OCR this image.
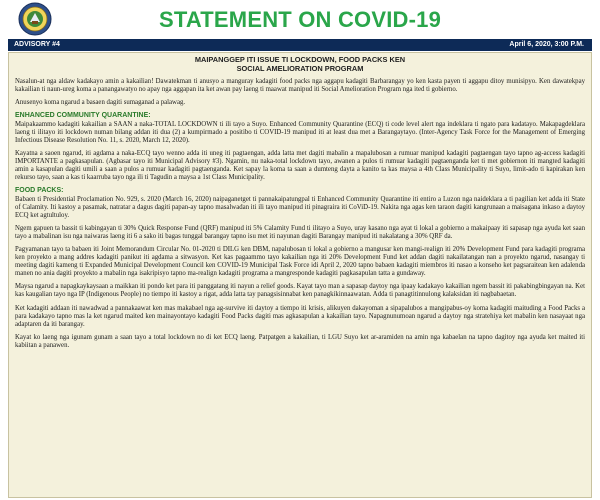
STATEMENT ON COVID-19
ADVISORY #4	April 6, 2020, 3:00 P.M.
MAIPANGGEP ITI ISSUE TI LOCKDOWN, FOOD PACKS KEN
SOCIAL AMELIORATION PROGRAM

Nasalun-at nga aldaw kadakayo amin a kakailian! Dawatekman ti anusyo a manguray kadagiti food packs nga aggapu kadagiti Barbarangay yo ken kasta payen ti aggapu ditoy munisipyo. Ken dawatekpay kakailian ti naun-ureg koma a panangawatyo no apay nga aggapan ita ket awan pay laeng ti maawat manipud iti Social Amelioration Program nga ited ti gobierno.

Anusenyo koma ngarud a basaen dagiti sumaganad a palawag.

ENHANCED COMMUNITY QUARANTINE:

Maipakaammo kadagiti kakailian a SAAN a naka-TOTAL LOCKDOWN ti ili tayo a Suyo. Enhanced Community Quarantine (ECQ) ti code level alert nga indeklara ti ngato para kadatayo. Makapagdeklara laeng ti ilitayo iti lockdown numan bilang addan iti dua (2) a kumpirmado a positibo ti COVID-19 manipud iti at least dua met a Barangaytayo. (Inter-Agency Task Force for the Management of Emerging Infectious Disease Resolution No. 11, s. 2020, March 12, 2020).

Kayatna a saoen ngarud, iti agdama a naka-ECQ tayo wenno adda iti uneg iti pagtaengan, adda latta met dagiti mabalin a mapalubosan a rumuar manipud kadagiti pagtaengan tayo tapno ag-access kadagiti IMPORTANTE a pagkasapulan. (Agbasar tayo iti Municipal Advisory #3). Ngamin, nu naka-total lockdown tayo, awanen a pulos ti rumuar kadagiti pagtaenganda ket ti met gobiernon iti mangted kadagiti amin a kasapulan dagiti umili a saan a pulos a rumuar kadagiti pagtaenganda. Ket sapay la koma ta saan a dumteng dayta a kanito ta kas maysa a 4th Class Municipality ti Suyo, limit-ado ti kapirakan ken rekurso tayo, saan a kas ti kaarruba tayo nga ili ti Tagudin a maysa a 1st Class Municipality.

FOOD PACKS:

Babaen ti Presidential Proclamation No. 929, s. 2020 (March 16, 2020) naipaganetget ti pannakaipatungpal ti Enhanced Community Quarantine iti entiro a Luzon nga naideklara a ti pagilian ket adda iti State of Calamity. Iti kastoy a pasamak, natratar a dagus dagiti papan-ay tapno masalwadan iti ili tayo manipud iti pinagraira iti CoViD-19. Nakita nga agas ken taraon dagiti kangrunaan a maisagana inkaso a daytoy ECQ ket agtultuloy.

Ngem gapuen ta bassit ti kabingayan ti 30% Quick Response Fund (QRF) manipud iti 5% Calamity Fund ti ilitayo a Suyo, uray kasano nga ayat ti lokal a gobierno a makaipaay iti sapasap nga ayuda ket saan tayo a mabalinan isu nga naiwaras laeng iti 6 a sako iti bagas tunggal barangay tapno isu met iti nayunan dagiti Barangay manipud iti nakalatang a 30% QRF da.

Pagyamanan tayo ta babaen iti Joint Memorandum Circular No. 01-2020 ti DILG ken DBM, napalubosan ti lokal a gobierno a mangusar ken mangi-realign iti 20% Development Fund para kadagiti programa ken proyekto a mang addres kadagiti panikut iti agdama a sitwasyon. Ket kas pagaammo tayo kakailian nga iti 20% Development Fund ket addan dagiti nakailatangan nan a proyekto ngarud, nasangay ti meeting dagiti kameng ti Expanded Municipal Development Council ken COVID-19 Municipal Task Force idi April 2, 2020 tapno babaen kadagiti miembros iti nasao a konseho ket pagsaraitean ken adalenda manen no ania dagiti proyekto a mabalin nga isakripisyo tapno ma-realign kadagiti programa a mangresponde kadagiti pagkasapulan tatta a gundaway.

Maysa ngarud a napagkaykaysaan a maikkan iti pondo ket para iti panggatang iti nayun a relief goods. Kayat tayo man a sapasap daytoy nga ipaay kadakayo kakailian ngem bassit iti pakabingbingayan na. Ket kas kaugalian tayo nga IP (Indigenous People) no tiempo iti kastoy a rigat, adda latta tay panagsisinnabat ken panagkikinnaawatan. Adda ti panagtitinnulong kalaksidan iti nagbabaetan.

Ket kadagiti addaan iti nawadwad a pannakaawat ken mas makabael nga ag-survive iti daytoy a tiempo iti krisis, alikuyen dakayoman a sipapalubos a mangipabus-oy koma kadagiti maituding a Food Packs a para kadakayo tapno mas la ket ngarud maited ken mainayontayo kadagiti Food Packs dagiti mas agkasapulan a kakailian tayo. Napagnunumoan ngarud a daytoy nga stratehiya ket mabalin ken nasayaat nga adaptaren da iti barangay.

Kayat ko laeng nga igunam gunam a saan tayo a total lockdown no di ket ECQ laeng. Patpatgen a kakailian, ti LGU Suyo ket ar-aramiden na amin nga kabaelan na tapno dagitoy nga ayuda ket maited iti kabiitan a panawen.
